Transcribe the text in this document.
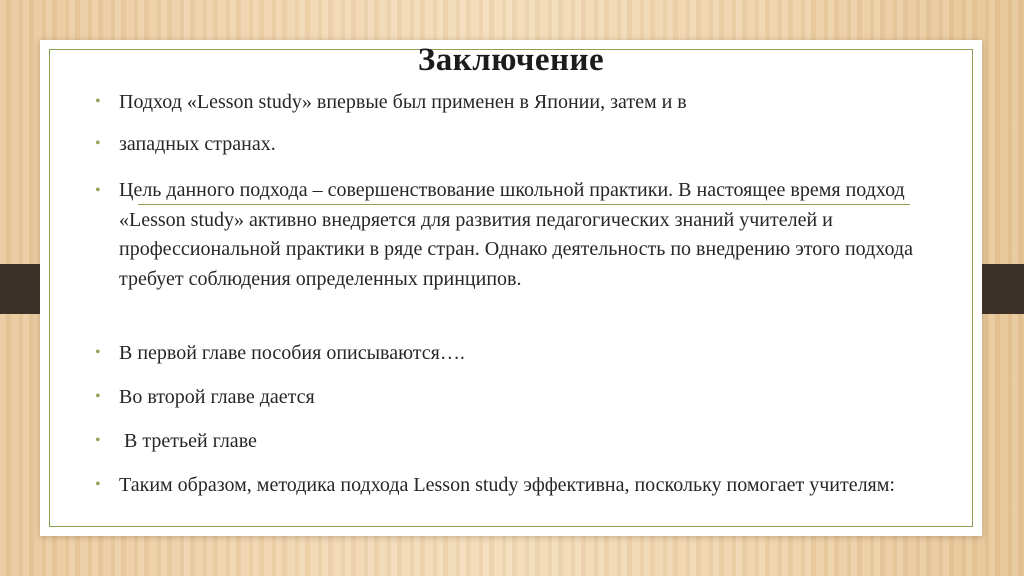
Заключение
• Подход «Lesson study» впервые был применен в Японии, затем и в
• западных странах.
• Цель данного подхода – совершенствование школьной практики. В настоящее время подход «Lesson study» активно внедряется для развития педагогических знаний учителей и профессиональной практики в ряде стран. Однако деятельность по внедрению этого подхода требует соблюдения определенных принципов.
• В первой главе пособия описываются….
• Во второй главе дается
• В третьей главе
• Таким образом, методика подхода Lesson study эффективна, поскольку помогает учителям:
